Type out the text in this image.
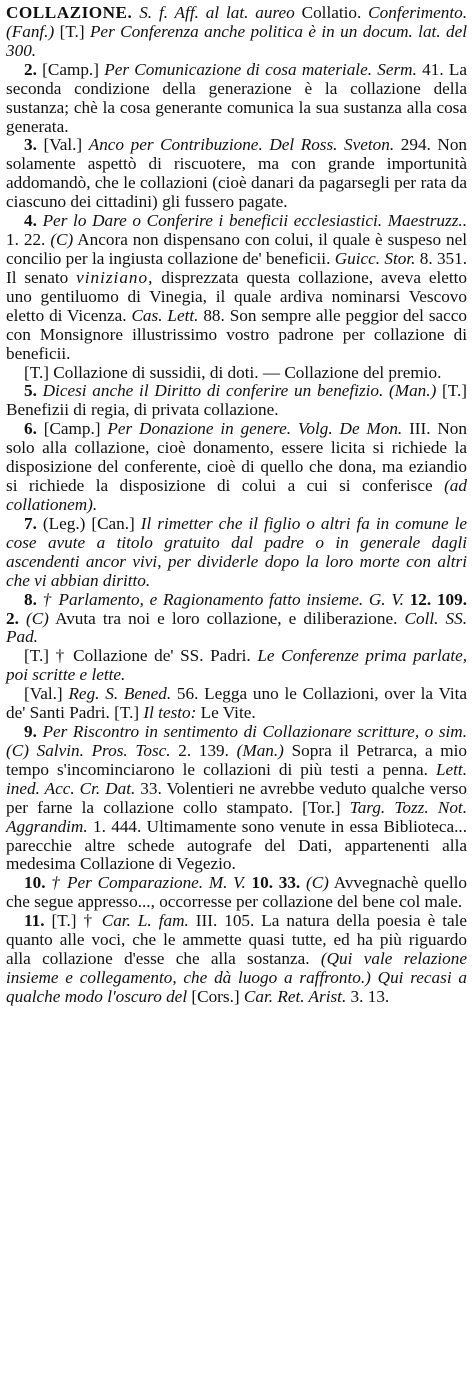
COLLAZIONE. S. f. Aff. al lat. aureo Collatio. Conferimento. (Fanf.) [T.] Per Conferenza anche politica è in un docum. lat. del 300.

2. [Camp.] Per Comunicazione di cosa materiale. Serm. 41. La seconda condizione della generazione è la collazione della sustanza; chè la cosa generante comunica la sua sustanza alla cosa generata.

3. [Val.] Anco per Contribuzione. Del Ross. Sveton. 294. Non solamente aspettò di riscuotere, ma con grande importunità addomandò, che le collazioni (cioè danari da pagarsegli per rata da ciascuno dei cittadini) gli fussero pagate.

4. Per lo Dare o Conferire i beneficii ecclesiastici. Maestruzz.. 1. 22. (C) Ancora non dispensano con colui, il quale è suspeso nel concilio per la ingiusta collazione de' beneficii. Guicc. Stor. 8. 351. Il senato viniziano, disprezzata questa collazione, aveva eletto uno gentiluomo di Vinegia, il quale ardiva nominarsi Vescovo eletto di Vicenza. Cas. Lett. 88. Son sempre alle peggior del sacco con Monsignore illustrissimo vostro padrone per collazione di beneficii.

[T.] Collazione di sussidii, di doti. — Collazione del premio.

5. Dicesi anche il Diritto di conferire un benefizio. (Man.) [T.] Benefizii di regia, di privata collazione.

6. [Camp.] Per Donazione in genere. Volg. De Mon. III. Non solo alla collazione, cioè donamento, essere licita si richiede la disposizione del conferente, cioè di quello che dona, ma eziandio si richiede la disposizione di colui a cui si conferisce (ad collationem).

7. (Leg.) [Can.] Il rimetter che il figlio o altri fa in comune le cose avute a titolo gratuito dal padre o in generale dagli ascendenti ancor vivi, per dividerle dopo la loro morte con altri che vi abbian diritto.

8. † Parlamento, e Ragionamento fatto insieme. G. V. 12. 109. 2. (C) Avuta tra noi e loro collazione, e diliberazione. Coll. SS. Pad.

[T.] † Collazione de' SS. Padri. Le Conferenze prima parlate, poi scritte e lette.

[Val.] Reg. S. Bened. 56. Legga uno le Collazioni, over la Vita de' Santi Padri. [T.] Il testo: Le Vite.

9. Per Riscontro in sentimento di Collazionare scritture, o sim. (C) Salvin. Pros. Tosc. 2. 139. (Man.) Sopra il Petrarca, a mio tempo s'incominciarono le collazioni di più testi a penna. Lett. ined. Acc. Cr. Dat. 33. Volentieri ne avrebbe veduto qualche verso per farne la collazione collo stampato. [Tor.] Targ. Tozz. Not. Aggrandim. 1. 444. Ultimamente sono venute in essa Biblioteca... parecchie altre schede autografe del Dati, appartenenti alla medesima Collazione di Vegezio.

10. † Per Comparazione. M. V. 10. 33. (C) Avvegnachè quello che segue appresso..., occorresse per collazione del bene col male.

11. [T.] † Car. L. fam. III. 105. La natura della poesia è tale quanto alle voci, che le ammette quasi tutte, ed ha più riguardo alla collazione d'esse che alla sostanza. (Qui vale relazione insieme e collegamento, che dà luogo a raffronto.) Qui recasi a qualche modo l'oscuro del [Cors.] Car. Ret. Arist. 3. 13.
